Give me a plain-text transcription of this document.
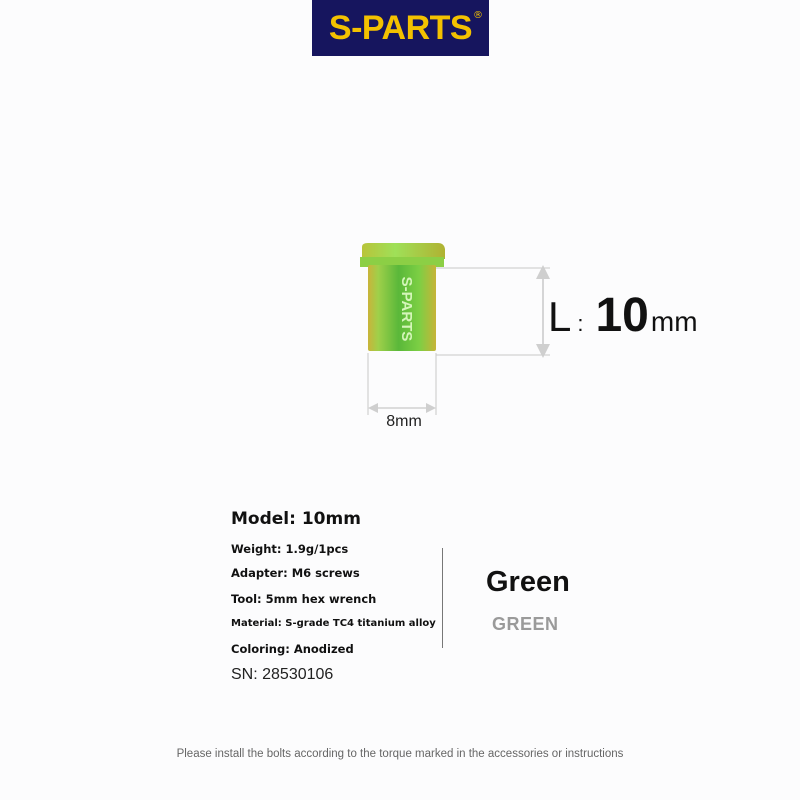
S-PARTS ®
S-PARTS	L : 10 mm
8mm
Model: 10mm
Weight: 1.9g/1pcs
Adapter: M6 screws
Tool: 5mm hex wrench
Material: S-grade TC4 titanium alloy
Coloring: Anodized
SN: 28530106
Green
GREEN
Please install the bolts according to the torque marked in the accessories or instructions
